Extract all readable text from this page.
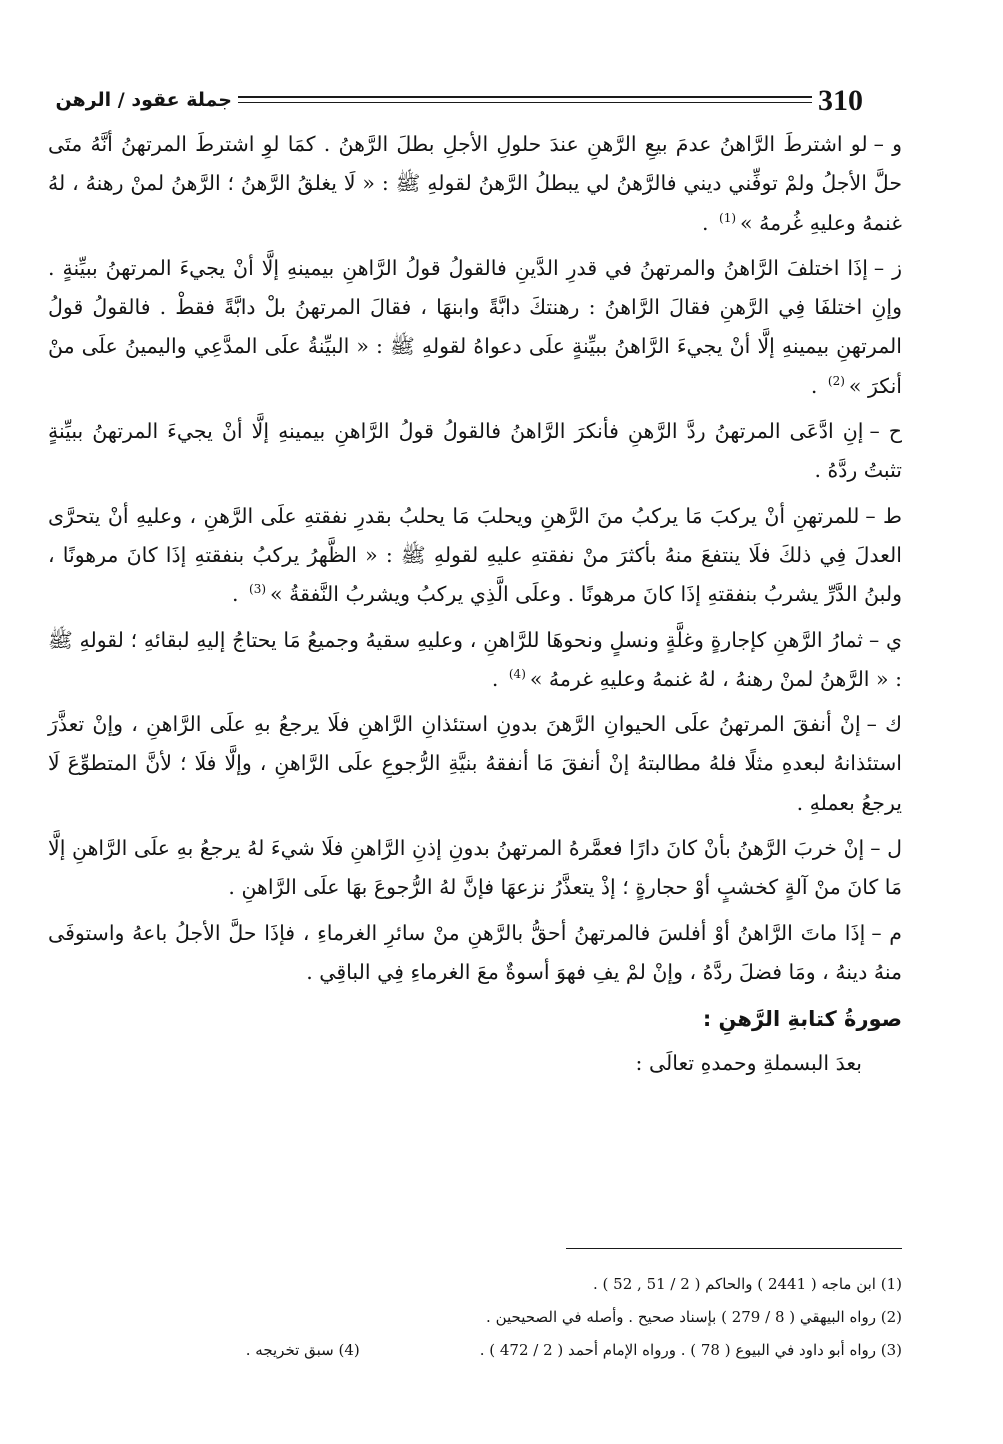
310
جملة عقود / الرهن

و –لو اشترطَ الرَّاهنُ عدمَ بيعِ الرَّهنِ عندَ حلولِ الأجلِ بطلَ الرَّهنُ . كمَا لوِ اشترطَ المرتهنُ أنَّهُ متَى حلَّ الأجلُ ولمْ توفِّني ديني فالرَّهنُ لي يبطلُ الرَّهنُ لقولهِ ﷺ : « لَا يغلقُ الرَّهنُ ؛ الرَّهنُ لمنْ رهنهُ ، لهُ غنمهُ وعليهِ غُرمهُ »$^{(1)}$ .

ز –إذَا اختلفَ الرَّاهنُ والمرتهنُ في قدرِ الدَّينِ فالقولُ قولُ الرَّاهنِ بيمينهِ إلَّا أنْ يجيءَ المرتهنُ ببيِّنةٍ . وإنِ اختلفَا فِي الرَّهنِ فقالَ الرَّاهنُ : رهنتكَ دابَّةً وابنهَا ، فقالَ المرتهنُ بلْ دابَّةً فقطْ . فالقولُ قولُ المرتهنِ بيمينهِ إلَّا أنْ يجيءَ الرَّاهنُ ببيِّنةٍ علَى دعواهُ لقولهِ ﷺ : « البيِّنةُ علَى المدَّعِي واليمينُ علَى منْ أنكرَ »$^{(2)}$ .

ح –إنِ ادَّعَى المرتهنُ ردَّ الرَّهنِ فأنكرَ الرَّاهنُ فالقولُ قولُ الرَّاهنِ بيمينهِ إلَّا أنْ يجيءَ المرتهنُ ببيِّنةٍ تثبتُ ردَّهُ .

ط –للمرتهنِ أنْ يركبَ مَا يركبُ منَ الرَّهنِ ويحلبَ مَا يحلبُ بقدرِ نفقتهِ علَى الرَّهنِ ، وعليهِ أنْ يتحرَّى العدلَ فِي ذلكَ فلَا ينتفعَ منهُ بأكثرَ منْ نفقتهِ عليهِ لقولهِ ﷺ : « الظَّهرُ يركبُ بنفقتهِ إذَا كانَ مرهونًا ، ولبنُ الدَّرِّ يشربُ بنفقتهِ إذَا كانَ مرهونًا . وعلَى الَّذِي يركبُ ويشربُ النَّفقةُ »$^{(3)}$ .

ي –ثمارُ الرَّهنِ كإجارةٍ وغلَّةٍ ونسلٍ ونحوهَا للرَّاهنِ ، وعليهِ سقيهُ وجميعُ مَا يحتاجُ إليهِ لبقائهِ ؛ لقولهِ ﷺ : « الرَّهنُ لمنْ رهنهُ ، لهُ غنمهُ وعليهِ غرمهُ »$^{(4)}$ .

ك –إنْ أنفقَ المرتهنُ علَى الحيوانِ الرَّهنَ بدونِ استئذانِ الرَّاهنِ فلَا يرجعُ بهِ علَى الرَّاهنِ ، وإنْ تعذَّرَ استئذانهُ لبعدهِ مثلًا فلهُ مطالبتهُ إنْ أنفقَ مَا أنفقهُ بنيَّةِ الرُّجوعِ علَى الرَّاهنِ ، وإلَّا فلَا ؛ لأنَّ المتطوِّعَ لَا يرجعُ بعملهِ .

ل –إنْ خربَ الرَّهنُ بأنْ كانَ دارًا فعمَّرهُ المرتهنُ بدونِ إذنِ الرَّاهنِ فلَا شيءَ لهُ يرجعُ بهِ علَى الرَّاهنِ إلَّا مَا كانَ منْ آلةٍ كخشبٍ أوْ حجارةٍ ؛ إذْ يتعذَّرُ نزعهَا فإنَّ لهُ الرُّجوعَ بهَا علَى الرَّاهنِ .

م –إذَا ماتَ الرَّاهنُ أوْ أفلسَ فالمرتهنُ أحقُّ بالرَّهنِ منْ سائرِ الغرماءِ ، فإذَا حلَّ الأجلُ باعهُ واستوفَى منهُ دينهُ ، ومَا فضلَ ردَّهُ ، وإنْ لمْ يفِ فهوَ أسوةٌ معَ الغرماءِ فِي الباقِي .

صورةُ كتابةِ الرَّهنِ :
بعدَ البسملةِ وحمدهِ تعالَى :
(1) ابن ماجه ( 2441 ) والحاكم ( 2 / 51 , 52 ) .
(2) رواه البيهقي ( 8 / 279 ) بإسناد صحيح . وأصله في الصحيحين .
(3) رواه أبو داود في البيوع ( 78 ) . ورواه الإمام أحمد ( 2 / 472 ) .(4) سبق تخريجه .
